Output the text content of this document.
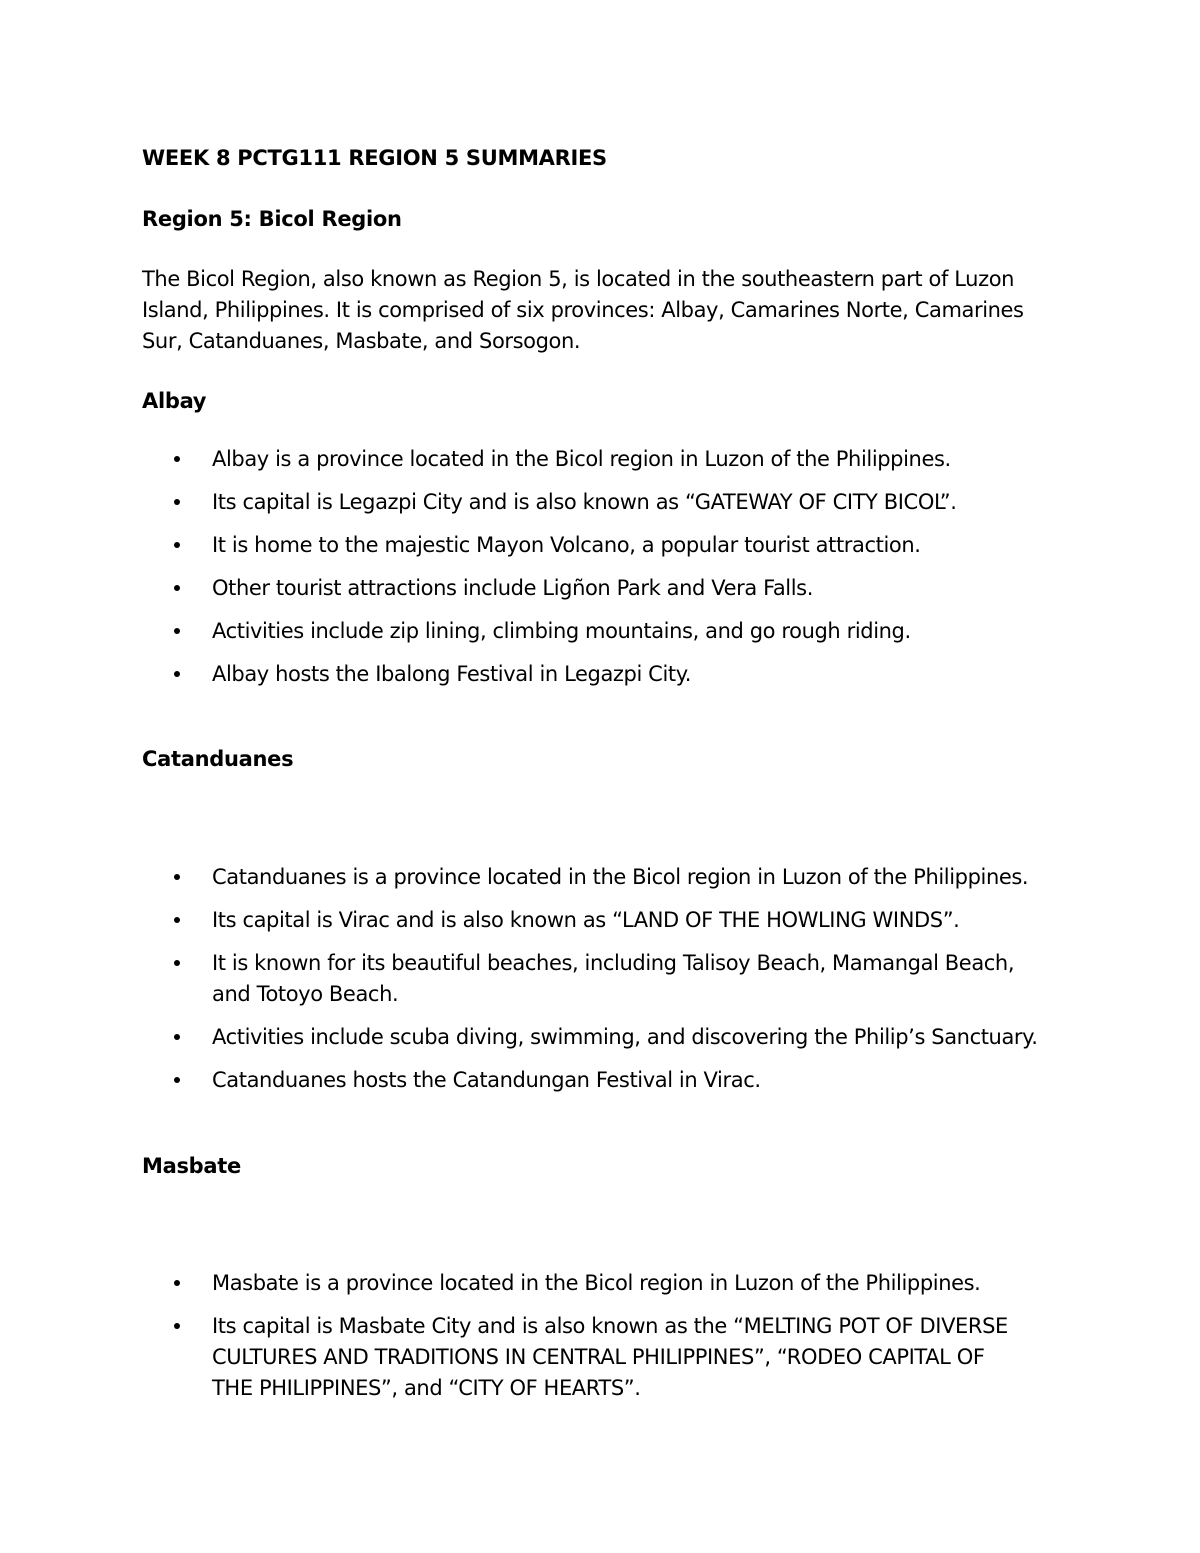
WEEK 8 PCTG111 REGION 5 SUMMARIES
Region 5: Bicol Region
The Bicol Region, also known as Region 5, is located in the southeastern part of Luzon
Island, Philippines. It is comprised of six provinces: Albay, Camarines Norte, Camarines
Sur, Catanduanes, Masbate, and Sorsogon.
Albay
Albay is a province located in the Bicol region in Luzon of the Philippines.
Its capital is Legazpi City and is also known as “GATEWAY OF CITY BICOL”.
It is home to the majestic Mayon Volcano, a popular tourist attraction.
Other tourist attractions include Ligñon Park and Vera Falls.
Activities include zip lining, climbing mountains, and go rough riding.
Albay hosts the Ibalong Festival in Legazpi City.
Catanduanes
Catanduanes is a province located in the Bicol region in Luzon of the Philippines.
Its capital is Virac and is also known as “LAND OF THE HOWLING WINDS”.
It is known for its beautiful beaches, including Talisoy Beach, Mamangal Beach,
and Totoyo Beach.
Activities include scuba diving, swimming, and discovering the Philip’s Sanctuary.
Catanduanes hosts the Catandungan Festival in Virac.
Masbate
Masbate is a province located in the Bicol region in Luzon of the Philippines.
Its capital is Masbate City and is also known as the “MELTING POT OF DIVERSE
CULTURES AND TRADITIONS IN CENTRAL PHILIPPINES”, “RODEO CAPITAL OF
THE PHILIPPINES”, and “CITY OF HEARTS”.
